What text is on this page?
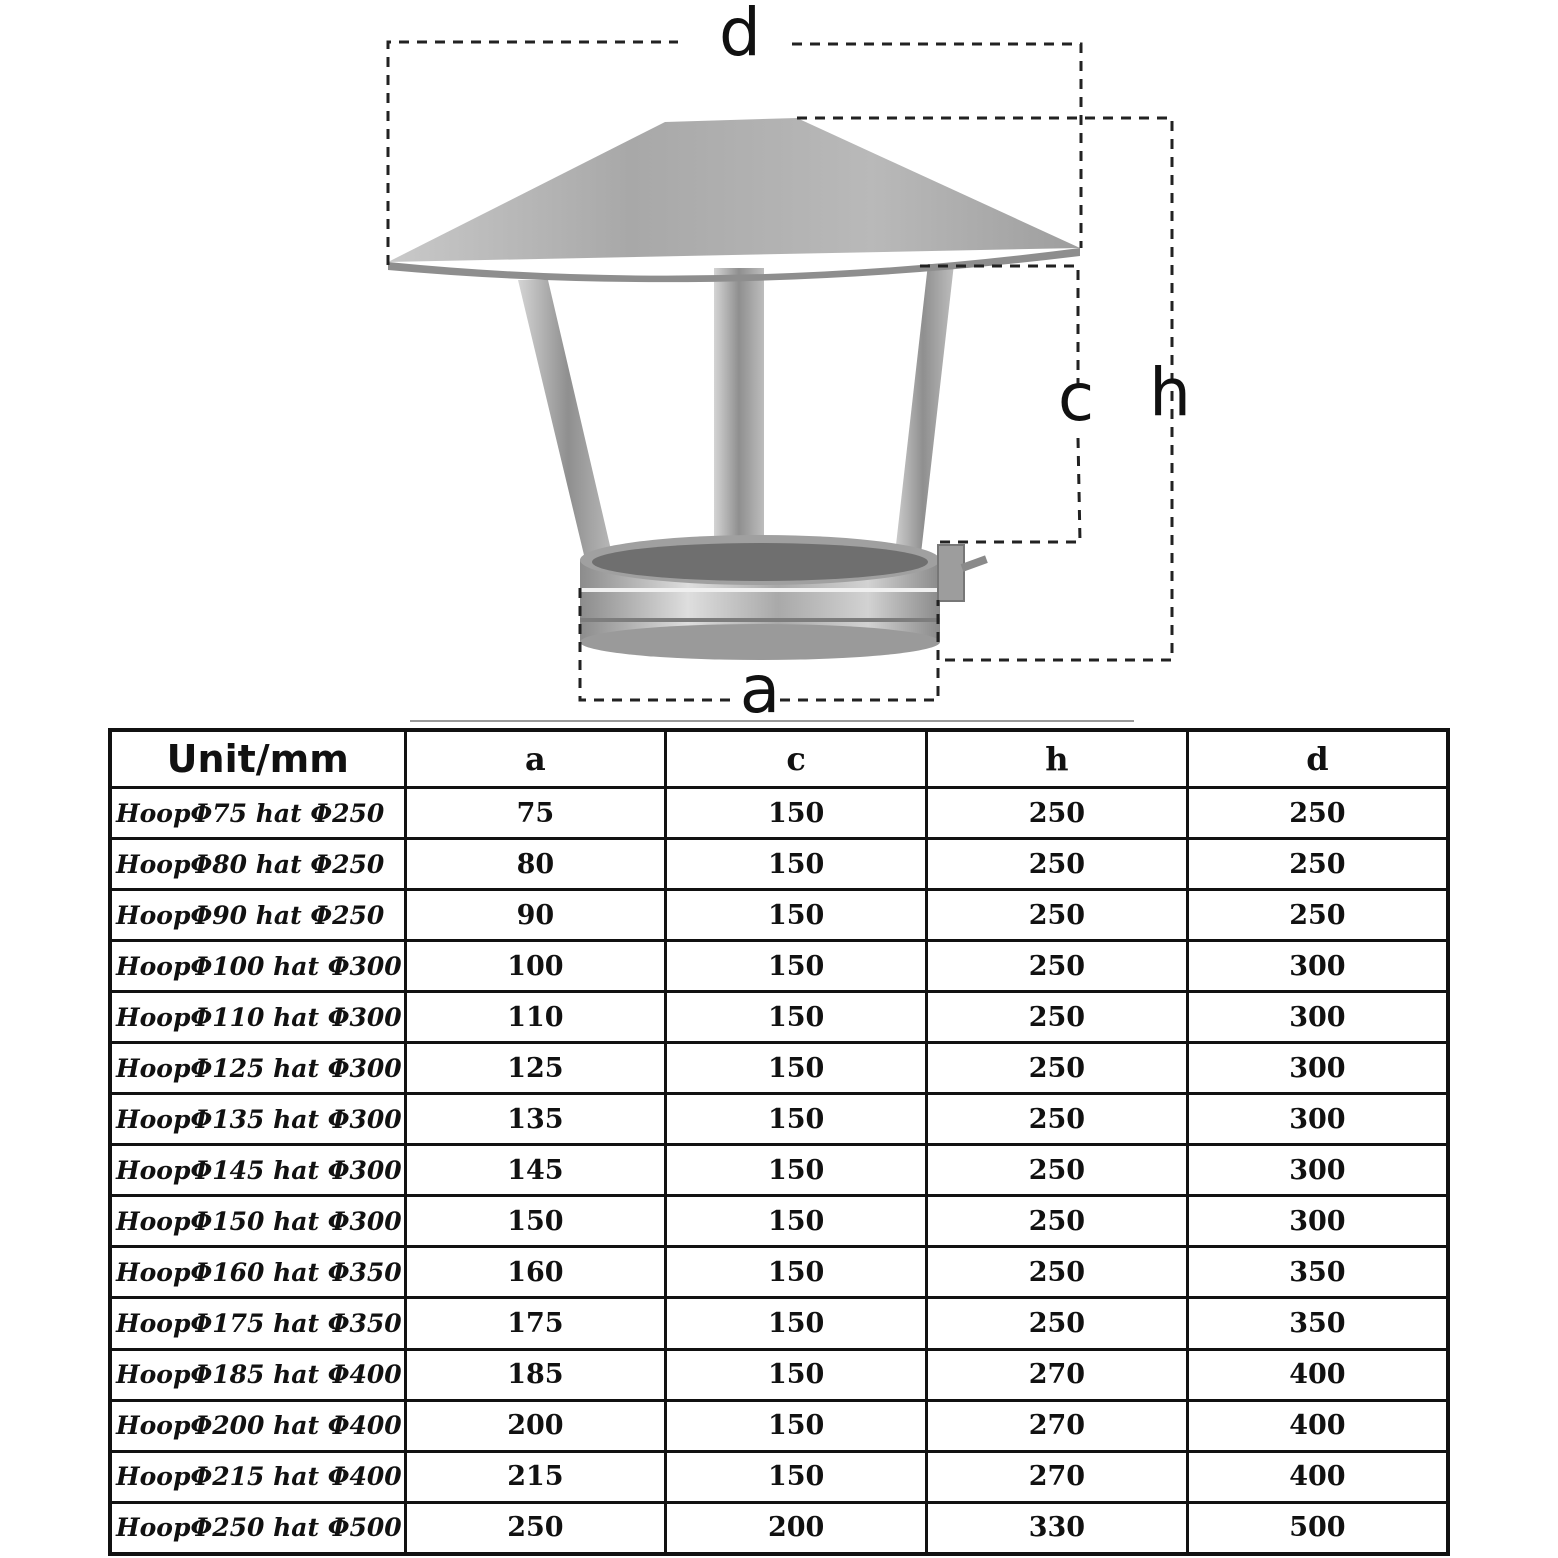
d
h
c
a
Unit/mm	a	c	h	d
HoopΦ75 hat Φ250	75	150	250	250
HoopΦ80 hat Φ250	80	150	250	250
HoopΦ90 hat Φ250	90	150	250	250
HoopΦ100 hat Φ300	100	150	250	300
HoopΦ110 hat Φ300	110	150	250	300
HoopΦ125 hat Φ300	125	150	250	300
HoopΦ135 hat Φ300	135	150	250	300
HoopΦ145 hat Φ300	145	150	250	300
HoopΦ150 hat Φ300	150	150	250	300
HoopΦ160 hat Φ350	160	150	250	350
HoopΦ175 hat Φ350	175	150	250	350
HoopΦ185 hat Φ400	185	150	270	400
HoopΦ200 hat Φ400	200	150	270	400
HoopΦ215 hat Φ400	215	150	270	400
HoopΦ250 hat Φ500	250	200	330	500
